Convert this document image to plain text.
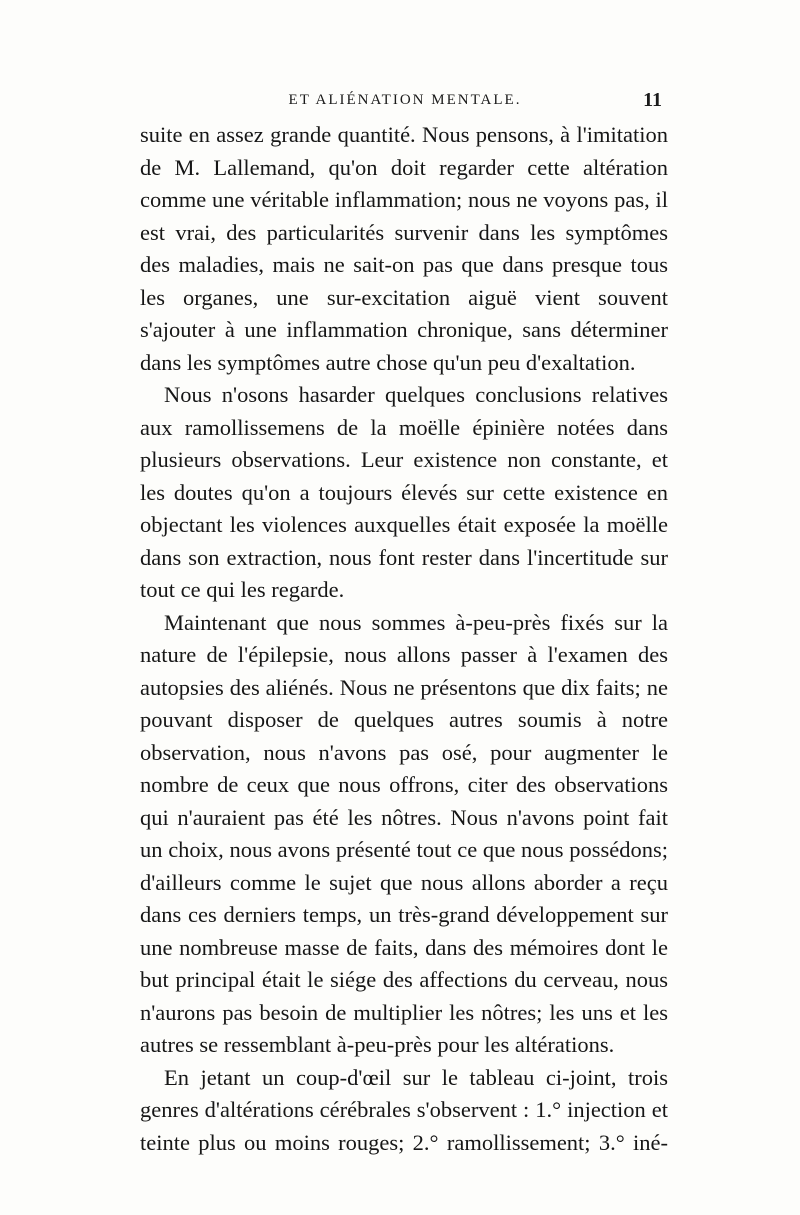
ET ALIÉNATION MENTALE.	11

suite en assez grande quantité. Nous pensons, à l'imitation de M. Lallemand, qu'on doit regarder cette altération comme une véritable inflammation; nous ne voyons pas, il est vrai, des particularités survenir dans les symptômes des maladies, mais ne sait-on pas que dans presque tous les organes, une sur-excitation aiguë vient souvent s'ajouter à une inflammation chronique, sans déterminer dans les symptômes autre chose qu'un peu d'exaltation.

Nous n'osons hasarder quelques conclusions relatives aux ramollissemens de la moëlle épinière notées dans plusieurs observations. Leur existence non constante, et les doutes qu'on a toujours élevés sur cette existence en objectant les violences auxquelles était exposée la moëlle dans son extraction, nous font rester dans l'incertitude sur tout ce qui les regarde.

Maintenant que nous sommes à-peu-près fixés sur la nature de l'épilepsie, nous allons passer à l'examen des autopsies des aliénés. Nous ne présentons que dix faits; ne pouvant disposer de quelques autres soumis à notre observation, nous n'avons pas osé, pour augmenter le nombre de ceux que nous offrons, citer des observations qui n'auraient pas été les nôtres. Nous n'avons point fait un choix, nous avons présenté tout ce que nous possédons; d'ailleurs comme le sujet que nous allons aborder a reçu dans ces derniers temps, un très-grand développement sur une nombreuse masse de faits, dans des mémoires dont le but principal était le siége des affections du cerveau, nous n'aurons pas besoin de multiplier les nôtres; les uns et les autres se ressemblant à-peu-près pour les altérations.

En jetant un coup-d'œil sur le tableau ci-joint, trois genres d'altérations cérébrales s'observent : 1.° injection et teinte plus ou moins rouges; 2.° ramollissement; 3.° iné-
